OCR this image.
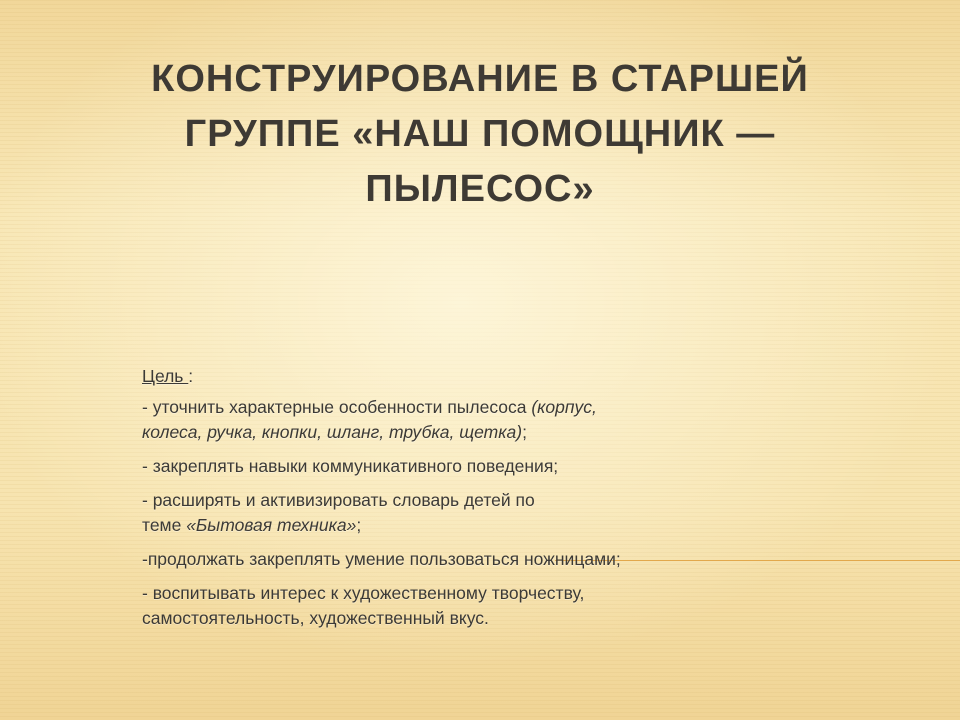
КОНСТРУИРОВАНИЕ В СТАРШЕЙ
ГРУППЕ «НАШ ПОМОЩНИК —
ПЫЛЕСОС»

Цель :

- уточнить характерные особенности пылесоса (корпус,
колеса, ручка, кнопки, шланг, трубка, щетка);

- закреплять навыки коммуникативного поведения;

- расширять и активизировать словарь детей по
теме «Бытовая техника»;

-продолжать закреплять умение пользоваться ножницами;

- воспитывать интерес к художественному творчеству,
самостоятельность, художественный вкус.
